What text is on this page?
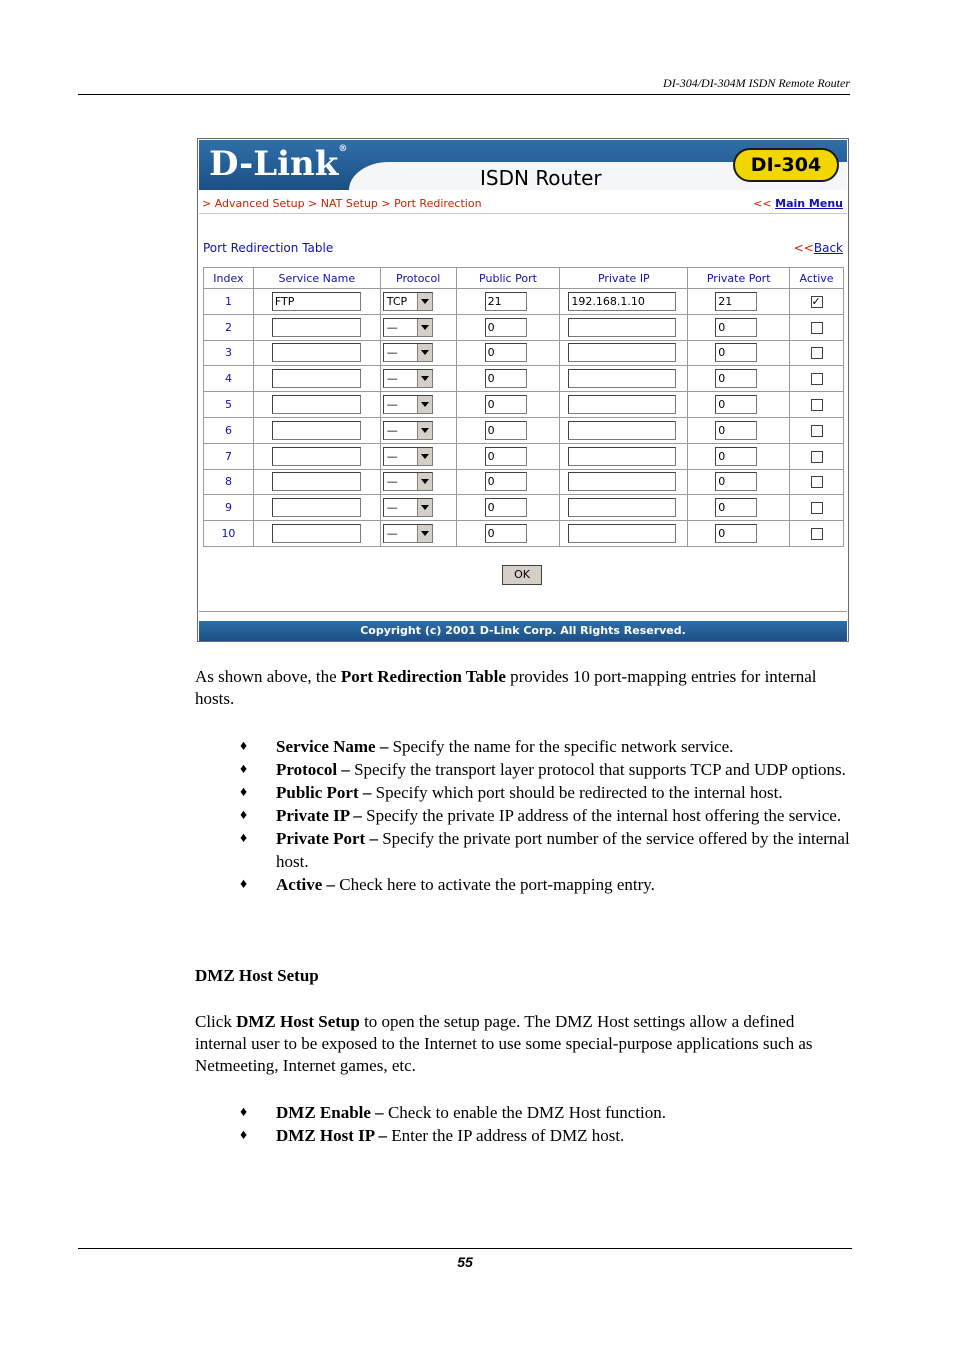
DI-304/DI-304M ISDN Remote Router
D-Link®
ISDN Router
DI-304
> Advanced Setup > NAT Setup > Port Redirection	<< Main Menu
Port Redirection Table	<<Back
Index	Service Name	Protocol	Public Port	Private IP	Private Port	Active
1	FTP	TCP	21	192.168.1.10	21	✓
2		—	0		0	
3		—	0		0	
4		—	0		0	
5		—	0		0	
6		—	0		0	
7		—	0		0	
8		—	0		0	
9		—	0		0	
10		—	0		0	
OK
Copyright (c) 2001 D-Link Corp. All Rights Reserved.

As shown above, the Port Redirection Table provides 10 port-mapping entries for internal hosts.

♦ Service Name – Specify the name for the specific network service.
♦ Protocol – Specify the transport layer protocol that supports TCP and UDP options.
♦ Public Port – Specify which port should be redirected to the internal host.
♦ Private IP – Specify the private IP address of the internal host offering the service.
♦ Private Port – Specify the private port number of the service offered by the internal host.
♦ Active – Check here to activate the port-mapping entry.
DMZ Host Setup

Click DMZ Host Setup to open the setup page. The DMZ Host settings allow a defined internal user to be exposed to the Internet to use some special-purpose applications such as Netmeeting, Internet games, etc.

♦ DMZ Enable – Check to enable the DMZ Host function.
♦ DMZ Host IP – Enter the IP address of DMZ host.
55
